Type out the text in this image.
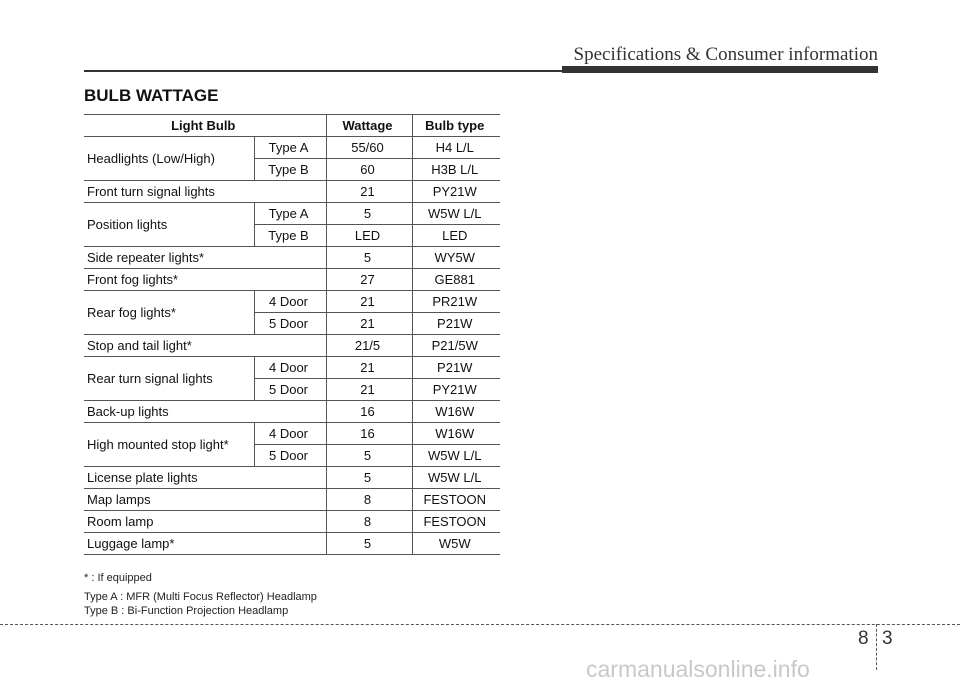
Specifications & Consumer information
BULB WATTAGE
Light Bulb		Wattage	Bulb type
Headlights (Low/High)	Type A	55/60	H4 L/L
	Type B	60	H3B L/L
Front turn signal lights		21	PY21W
Position lights	Type A	5	W5W L/L
	Type B	LED	LED
Side repeater lights*		5	WY5W
Front fog lights*		27	GE881
Rear fog lights*	4 Door	21	PR21W
	5 Door	21	P21W
Stop and tail light*		21/5	P21/5W
Rear turn signal lights	4 Door	21	P21W
	5 Door	21	PY21W
Back-up lights		16	W16W
High mounted stop light*	4 Door	16	W16W
	5 Door	5	W5W L/L
License plate lights		5	W5W L/L
Map lamps		8	FESTOON
Room lamp		8	FESTOON
Luggage lamp*		5	W5W
* : If equipped
Type A : MFR (Multi Focus Reflector) Headlamp
Type B : Bi-Function Projection Headlamp
8 3
carmanualsonline.info
